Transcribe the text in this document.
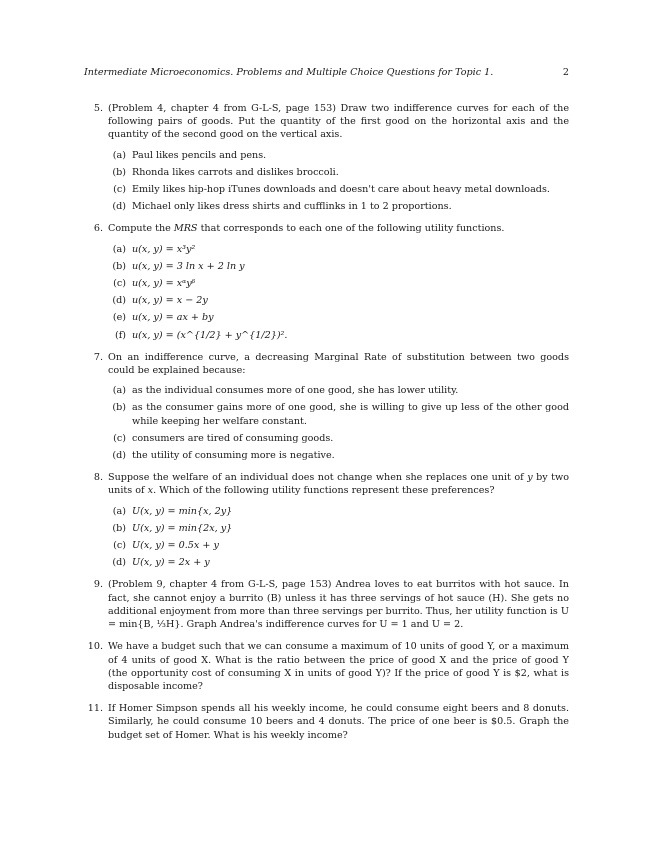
Intermediate Microeconomics. Problems and Multiple Choice Questions for Topic 1.	2
5. (Problem 4, chapter 4 from G-L-S, page 153) Draw two indifference curves for each of the following pairs of goods. Put the quantity of the first good on the horizontal axis and the quantity of the second good on the vertical axis.
(a) Paul likes pencils and pens.
(b) Rhonda likes carrots and dislikes broccoli.
(c) Emily likes hip-hop iTunes downloads and doesn't care about heavy metal downloads.
(d) Michael only likes dress shirts and cufflinks in 1 to 2 proportions.
6. Compute the MRS that corresponds to each one of the following utility functions.
(a) u(x, y) = x³y²
(b) u(x, y) = 3 ln x + 2 ln y
(c) u(x, y) = xᵅyᵝ
(d) u(x, y) = x − 2y
(e) u(x, y) = ax + by
(f) u(x, y) = (x^{1/2} + y^{1/2})².
7. On an indifference curve, a decreasing Marginal Rate of substitution between two goods could be explained because:
(a) as the individual consumes more of one good, she has lower utility.
(b) as the consumer gains more of one good, she is willing to give up less of the other good while keeping her welfare constant.
(c) consumers are tired of consuming goods.
(d) the utility of consuming more is negative.
8. Suppose the welfare of an individual does not change when she replaces one unit of y by two units of x. Which of the following utility functions represent these preferences?
(a) U(x, y) = min{x, 2y}
(b) U(x, y) = min{2x, y}
(c) U(x, y) = 0.5x + y
(d) U(x, y) = 2x + y
9. (Problem 9, chapter 4 from G-L-S, page 153) Andrea loves to eat burritos with hot sauce. In fact, she cannot enjoy a burrito (B) unless it has three servings of hot sauce (H). She gets no additional enjoyment from more than three servings per burrito. Thus, her utility function is U = min{B, ⅓H}. Graph Andrea's indifference curves for U = 1 and U = 2.
10. We have a budget such that we can consume a maximum of 10 units of good Y, or a maximum of 4 units of good X. What is the ratio between the price of good X and the price of good Y (the opportunity cost of consuming X in units of good Y)? If the price of good Y is $2, what is disposable income?
11. If Homer Simpson spends all his weekly income, he could consume eight beers and 8 donuts. Similarly, he could consume 10 beers and 4 donuts. The price of one beer is $0.5. Graph the budget set of Homer. What is his weekly income?
